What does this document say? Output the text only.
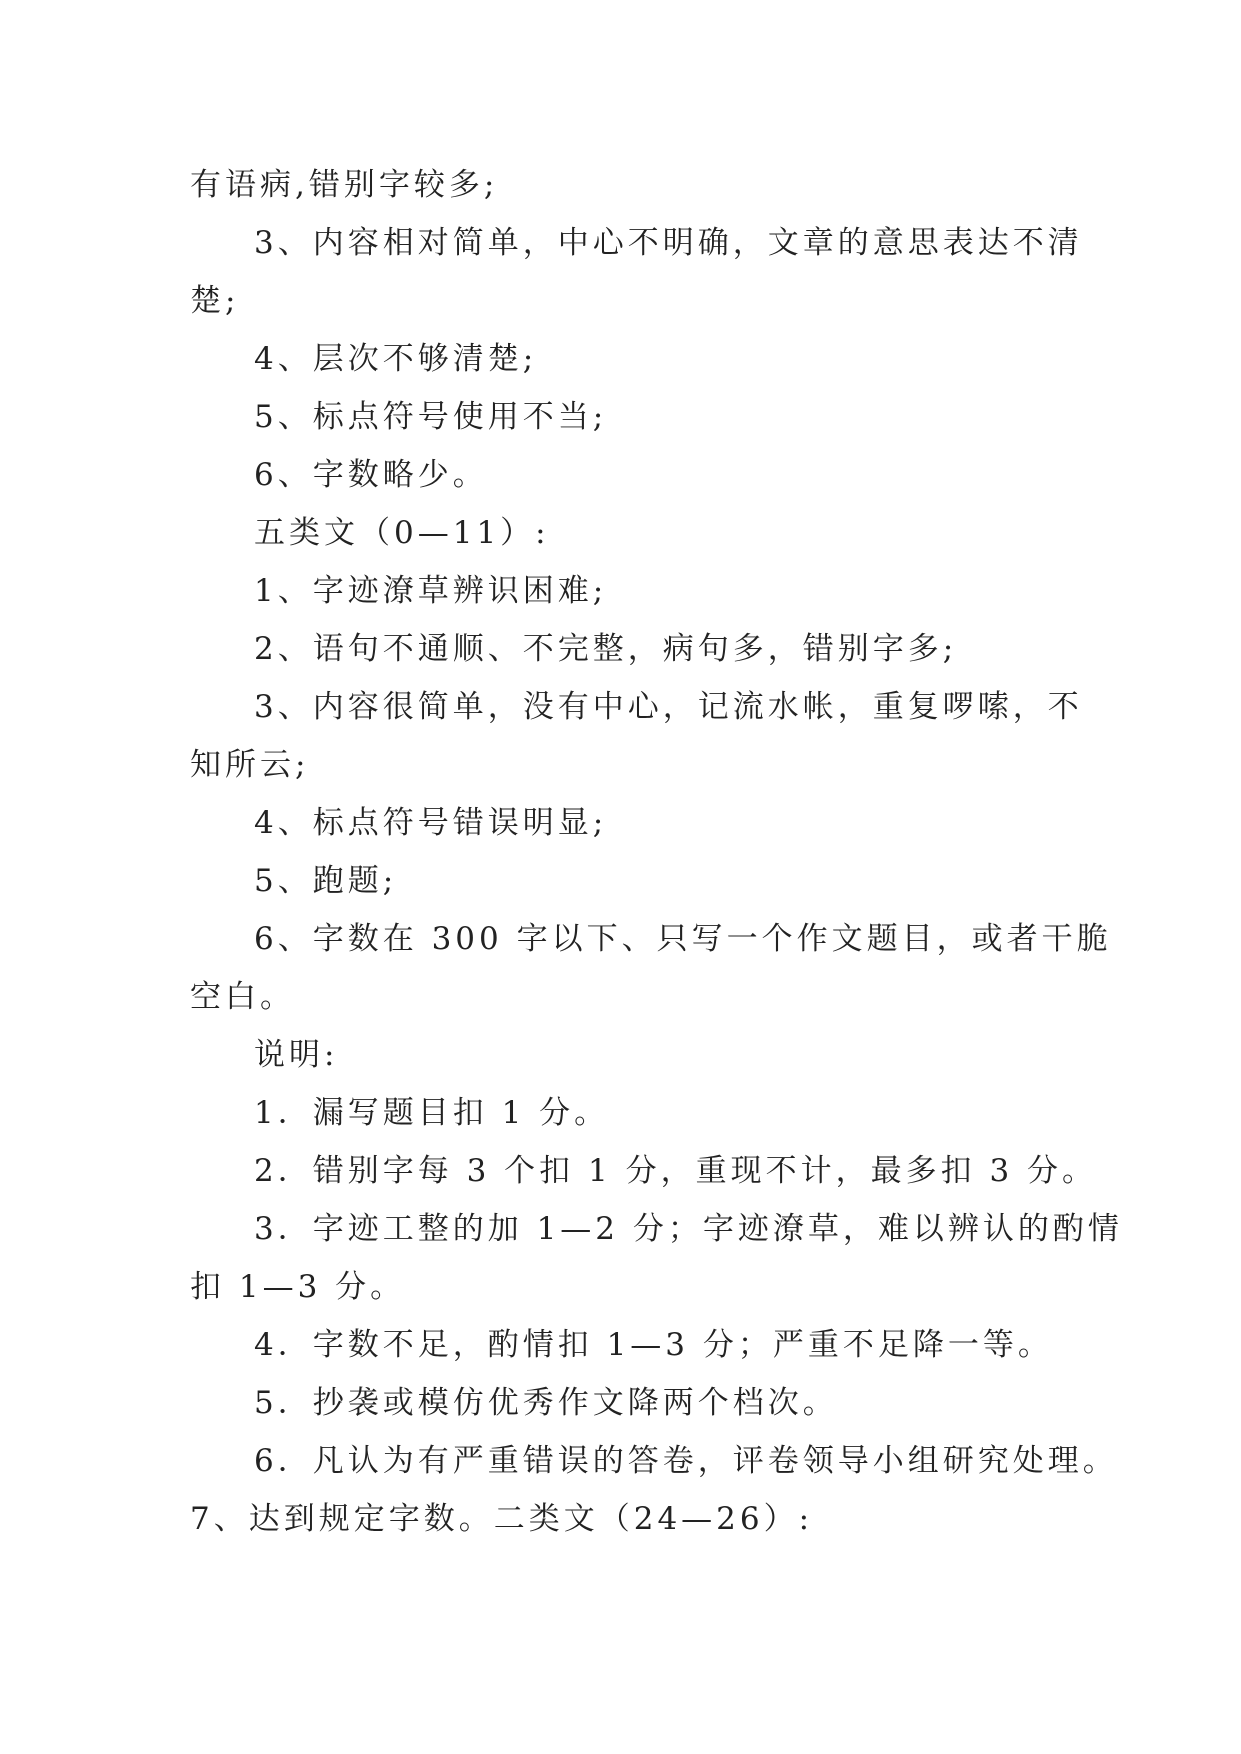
有语病,错别字较多;
3、内容相对简单，中心不明确，文章的意思表达不清
楚;
4、层次不够清楚;
5、标点符号使用不当;
6、字数略少。
五类文（0—11）:
1、字迹潦草辨识困难;
2、语句不通顺、不完整，病句多，错别字多;
3、内容很简单，没有中心，记流水帐，重复啰嗦，不
知所云;
4、标点符号错误明显;
5、跑题;
6、字数在 300 字以下、只写一个作文题目，或者干脆
空白。
说明:
1．漏写题目扣 1 分。
2．错别字每 3 个扣 1 分，重现不计，最多扣 3 分。
3．字迹工整的加 1—2 分；字迹潦草，难以辨认的酌情
扣 1—3 分。
4．字数不足，酌情扣 1—3 分；严重不足降一等。
5．抄袭或模仿优秀作文降两个档次。
6．凡认为有严重错误的答卷，评卷领导小组研究处理。
7、达到规定字数。二类文（24—26）:
